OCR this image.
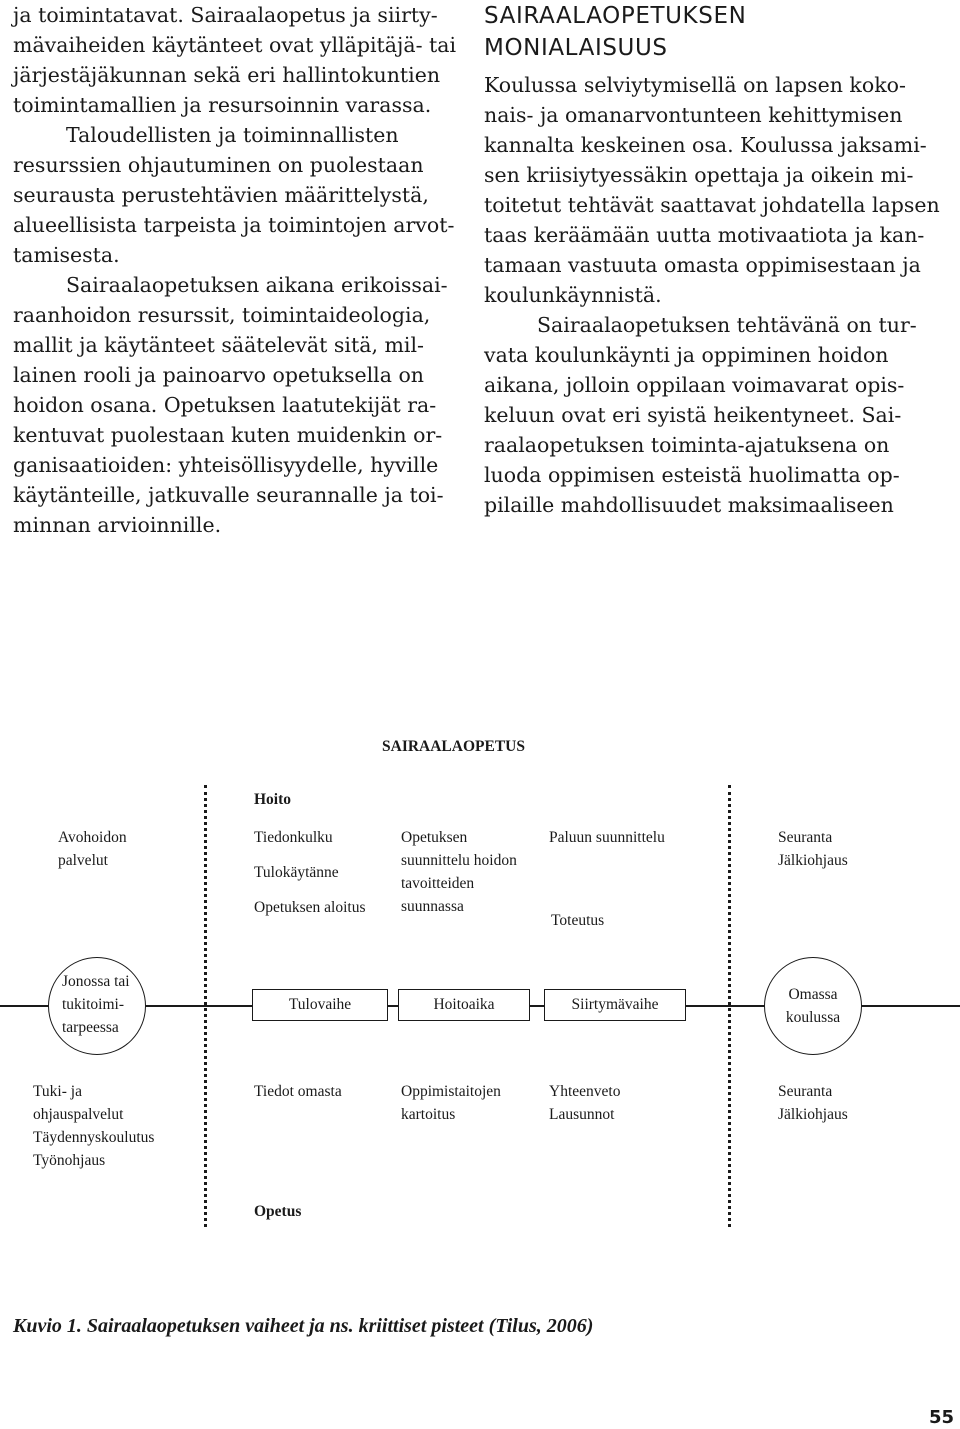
ja toimintatavat. Sairaalaopetus ja siirty-
mävaiheiden käytänteet ovat ylläpitäjä- tai
järjestäjäkunnan sekä eri hallintokuntien
toimintamallien ja resursoinnin varassa.
Taloudellisten ja toiminnallisten
resurssien ohjautuminen on puolestaan
seurausta perustehtävien määrittelystä,
alueellisista tarpeista ja toimintojen arvot-
tamisesta.
Sairaalaopetuksen aikana erikoissai-
raanhoidon resurssit, toimintaideologia,
mallit ja käytänteet säätelevät sitä, mil-
lainen rooli ja painoarvo opetuksella on
hoidon osana. Opetuksen laatutekijät ra-
kentuvat puolestaan kuten muidenkin or-
ganisaatioiden: yhteisöllisyydelle, hyville
käytänteille, jatkuvalle seurannalle ja toi-
minnan arvioinnille.
SAIRAALAOPETUKSEN
MONIALAISUUS
Koulussa selviytymisellä on lapsen koko-
nais- ja omanarvontunteen kehittymisen
kannalta keskeinen osa. Koulussa jaksami-
sen kriisiytyessäkin opettaja ja oikein mi-
toitetut tehtävät saattavat johdatella lapsen
taas keräämään uutta motivaatiota ja kan-
tamaan vastuuta omasta oppimisestaan ja
koulunkäynnistä.
Sairaalaopetuksen tehtävänä on tur-
vata koulunkäynti ja oppiminen hoidon
aikana, jolloin oppilaan voimavarat opis-
keluun ovat eri syistä heikentyneet. Sai-
raalaopetuksen toiminta-ajatuksena on
luoda oppimisen esteistä huolimatta op-
pilaille mahdollisuudet maksimaaliseen
SAIRAALAOPETUS
Hoito
Avohoidon
palvelut
Tiedonkulku
Tulokäytänne
Opetuksen aloitus
Opetuksen
suunnittelu hoidon
tavoitteiden
suunnassa
Paluun suunnittelu
Toteutus
Seuranta
Jälkiohjaus
Jonossa tai
tukitoimi-
tarpeessa
Tulovaihe	Hoitoaika	Siirtymävaihe
Omassa
koulussa
Tuki- ja
ohjauspalvelut
Täydennyskoulutus
Työnohjaus
Tiedot omasta	Oppimistaitojen
kartoitus
Yhteenveto
Lausunnot
Seuranta
Jälkiohjaus
Opetus
Kuvio 1. Sairaalaopetuksen vaiheet ja ns. kriittiset pisteet (Tilus, 2006)
55
